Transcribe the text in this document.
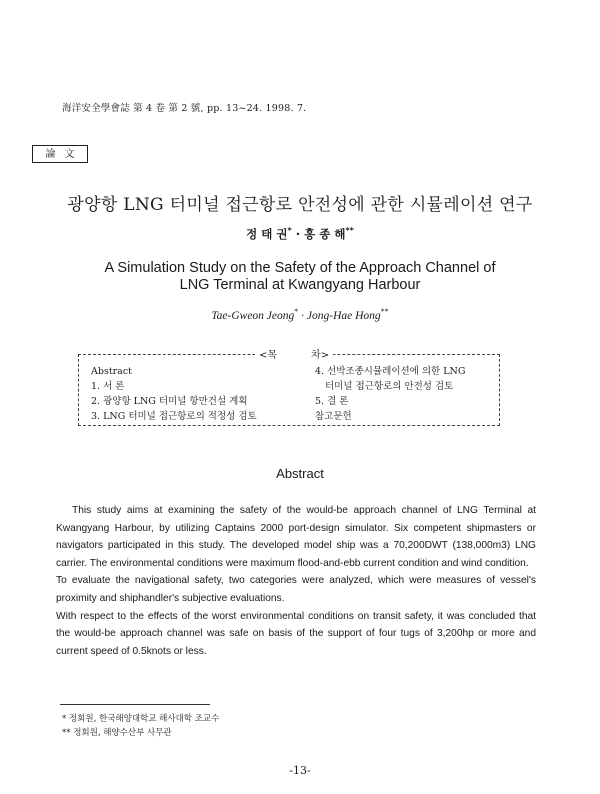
海洋安全學會誌 第 4 卷 第 2 號, pp. 13~24. 1998. 7.
論 文
광양항 LNG 터미널 접근항로 안전성에 관한 시뮬레이션 연구
정 태 권* · 홍 종 해**
A Simulation Study on the Safety of the Approach Channel of
LNG Terminal at Kwangyang Harbour
Tae-Gweon Jeong* · Jong-Hae Hong**
<목	차>
Abstract
1. 서 론
2. 광양항 LNG 터미널 항만건설 계획
3. LNG 터미널 접근항로의 적정성 검토
4. 선박조종시뮬레이션에 의한 LNG
터미널 접근항로의 안전성 검토
5. 결 론
참고문헌
Abstract

This study aims at examining the safety of the would-be approach channel of LNG Terminal at Kwangyang Harbour, by utilizing Captains 2000 port-design simulator. Six competent shipmasters or navigators participated in this study. The developed model ship was a 70,200DWT (138,000m3) LNG carrier. The environmental conditions were maximum flood-and-ebb current condition and wind condition.

To evaluate the navigational safety, two categories were analyzed, which were measures of vessel's proximity and shiphandler's subjective evaluations.

With respect to the effects of the worst environmental conditions on transit safety, it was concluded that the would-be approach channel was safe on basis of the support of four tugs of 3,200hp or more and current speed of 0.5knots or less.

* 정회원, 한국해양대학교 해사대학 조교수
** 정회원, 해양수산부 사무관
-13-
